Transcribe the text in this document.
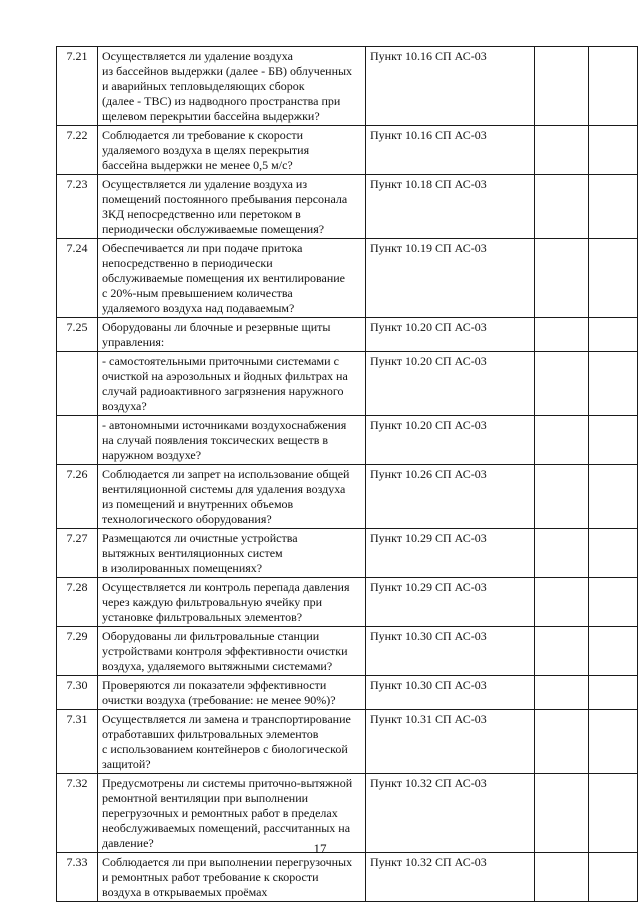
7.21	Осуществляется ли удаление воздуха
из бассейнов выдержки (далее - БВ) облученных
и аварийных тепловыделяющих сборок
(далее - ТВС) из надводного пространства при
щелевом перекрытии бассейна выдержки?	Пункт 10.16 СП АС-03		
7.22	Соблюдается ли требование к скорости
удаляемого воздуха в щелях перекрытия
бассейна выдержки не менее 0,5 м/с?	Пункт 10.16 СП АС-03		
7.23	Осуществляется ли удаление воздуха из
помещений постоянного пребывания персонала
ЗКД непосредственно или перетоком в
периодически обслуживаемые помещения?	Пункт 10.18 СП АС-03		
7.24	Обеспечивается ли при подаче притока
непосредственно в периодически
обслуживаемые помещения их вентилирование
с 20%-ным превышением количества
удаляемого воздуха над подаваемым?	Пункт 10.19 СП АС-03		
7.25	Оборудованы ли блочные и резервные щиты
управления:	Пункт 10.20 СП АС-03		

	- самостоятельными приточными системами с
очисткой на аэрозольных и йодных фильтрах на
случай радиоактивного загрязнения наружного
воздуха?	Пункт 10.20 СП АС-03		

	- автономными источниками воздухоснабжения
на случай появления токсических веществ в
наружном воздухе?	Пункт 10.20 СП АС-03		
7.26	Соблюдается ли запрет на использование общей
вентиляционной системы для удаления воздуха
из помещений и внутренних объемов
технологического оборудования?	Пункт 10.26 СП АС-03		
7.27	Размещаются ли очистные устройства
вытяжных вентиляционных систем
в изолированных помещениях?	Пункт 10.29 СП АС-03		
7.28	Осуществляется ли контроль перепада давления
через каждую фильтровальную ячейку при
установке фильтровальных элементов?	Пункт 10.29 СП АС-03		
7.29	Оборудованы ли фильтровальные станции
устройствами контроля эффективности очистки
воздуха, удаляемого вытяжными системами?	Пункт 10.30 СП АС-03		
7.30	Проверяются ли показатели эффективности
очистки воздуха (требование: не менее 90%)?	Пункт 10.30 СП АС-03		
7.31	Осуществляется ли замена и транспортирование
отработавших фильтровальных элементов
с использованием контейнеров с биологической
защитой?	Пункт 10.31 СП АС-03		
7.32	Предусмотрены ли системы приточно-вытяжной
ремонтной вентиляции при выполнении
перегрузочных и ремонтных работ в пределах
необслуживаемых помещений, рассчитанных на
давление?	Пункт 10.32 СП АС-03		
7.33	Соблюдается ли при выполнении перегрузочных
и ремонтных работ требование к скорости
воздуха в открываемых проёмах	Пункт 10.32 СП АС-03		
17
